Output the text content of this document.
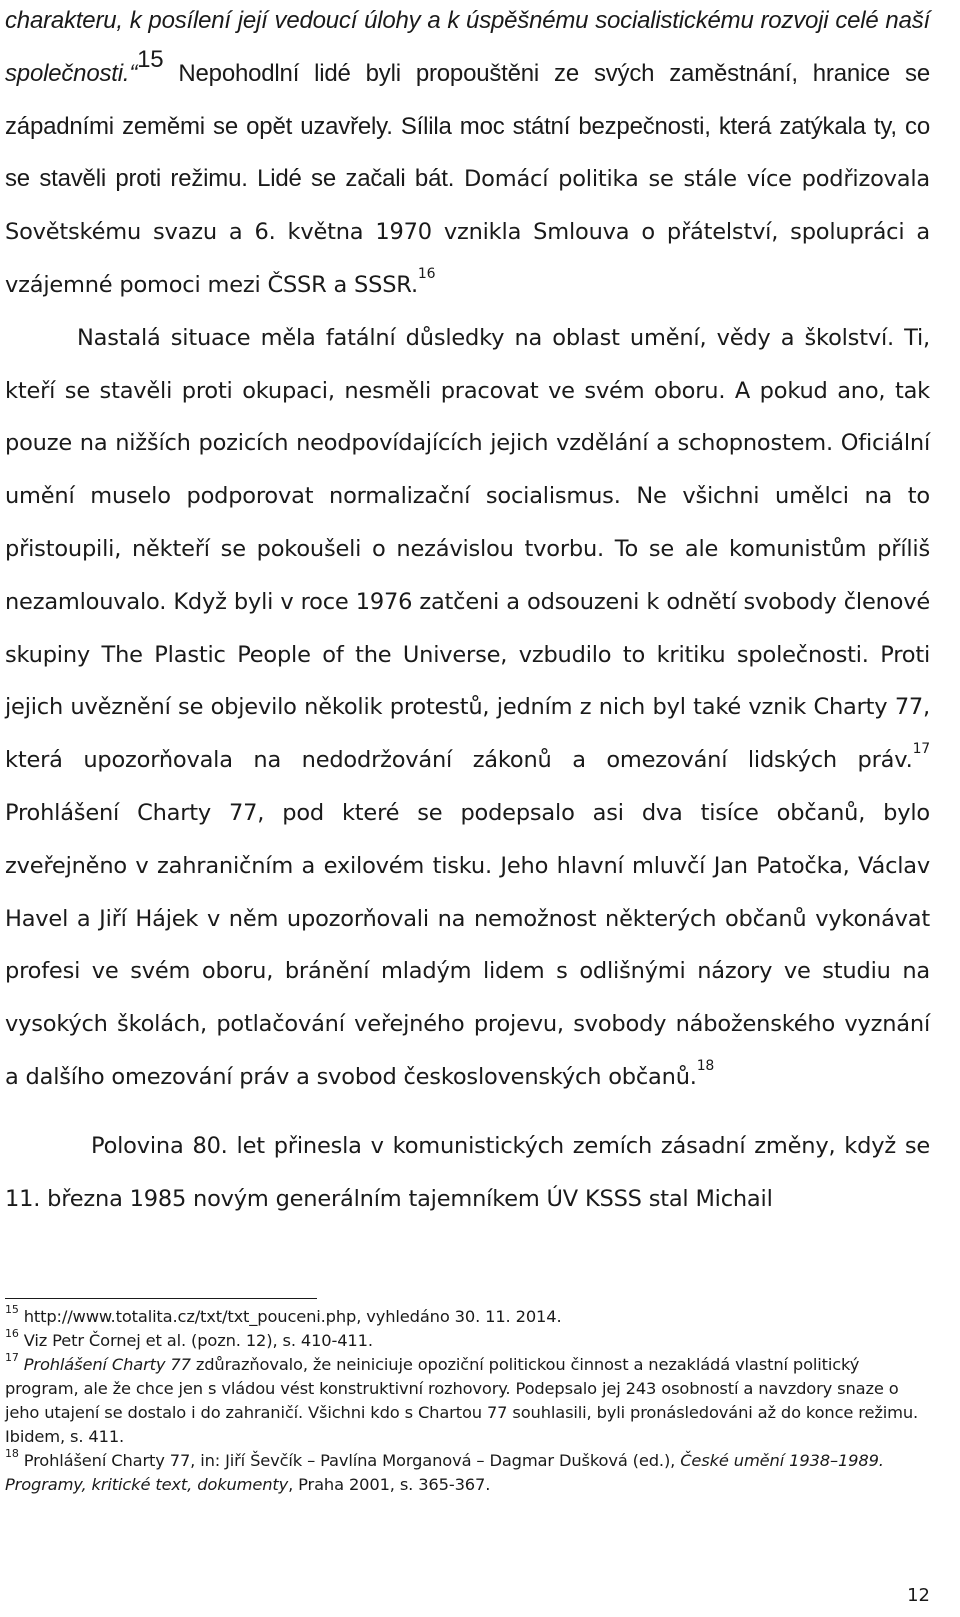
charakteru, k posílení její vedoucí úlohy a k úspěšnému socialistickému rozvoji celé naší společnosti.“$^{15}$ Nepohodlní lidé byli propouštěni ze svých zaměstnání, hranice se západními zeměmi se opět uzavřely. Sílila moc státní bezpečnosti, která zatýkala ty, co se stavěli proti režimu. Lidé se začali bát. Domácí politika se stále více podřizovala Sovětskému svazu a 6. května 1970 vznikla Smlouva o přátelství, spolupráci a vzájemné pomoci mezi ČSSR a SSSR.$^{16}$

Nastalá situace měla fatální důsledky na oblast umění, vědy a školství. Ti, kteří se stavěli proti okupaci, nesměli pracovat ve svém oboru. A pokud ano, tak pouze na nižších pozicích neodpovídajících jejich vzdělání a schopnostem. Oficiální umění muselo podporovat normalizační socialismus. Ne všichni umělci na to přistoupili, někteří se pokoušeli o nezávislou tvorbu. To se ale komunistům příliš nezamlouvalo. Když byli v roce 1976 zatčeni a odsouzeni k odnětí svobody členové skupiny The Plastic People of the Universe, vzbudilo to kritiku společnosti. Proti jejich uvěznění se objevilo několik protestů, jedním z nich byl také vznik Charty 77, která upozorňovala na nedodržování zákonů a omezování lidských práv.$^{17}$ Prohlášení Charty 77, pod které se podepsalo asi dva tisíce občanů, bylo zveřejněno v zahraničním a exilovém tisku. Jeho hlavní mluvčí Jan Patočka, Václav Havel a Jiří Hájek v něm upozorňovali na nemožnost některých občanů vykonávat profesi ve svém oboru, bránění mladým lidem s odlišnými názory ve studiu na vysokých školách, potlačování veřejného projevu, svobody náboženského vyznání a dalšího omezování práv a svobod československých občanů.$^{18}$

Polovina 80. let přinesla v komunistických zemích zásadní změny, když se 11. března 1985 novým generálním tajemníkem ÚV KSSS stal Michail

$^{15}$ http://www.totalita.cz/txt/txt_pouceni.php, vyhledáno 30. 11. 2014.

$^{16}$ Viz Petr Čornej et al. (pozn. 12), s. 410-411.

$^{17}$ Prohlášení Charty 77 zdůrazňovalo, že neiniciuje opoziční politickou činnost a nezakládá vlastní politický program, ale že chce jen s vládou vést konstruktivní rozhovory. Podepsalo jej 243 osobností a navzdory snaze o jeho utajení se dostalo i do zahraničí. Všichni kdo s Chartou 77 souhlasili, byli pronásledováni až do konce režimu. Ibidem, s. 411.

$^{18}$ Prohlášení Charty 77, in: Jiří Ševčík – Pavlína Morganová – Dagmar Dušková (ed.), České umění 1938–1989. Programy, kritické text, dokumenty, Praha 2001, s. 365-367.

12
